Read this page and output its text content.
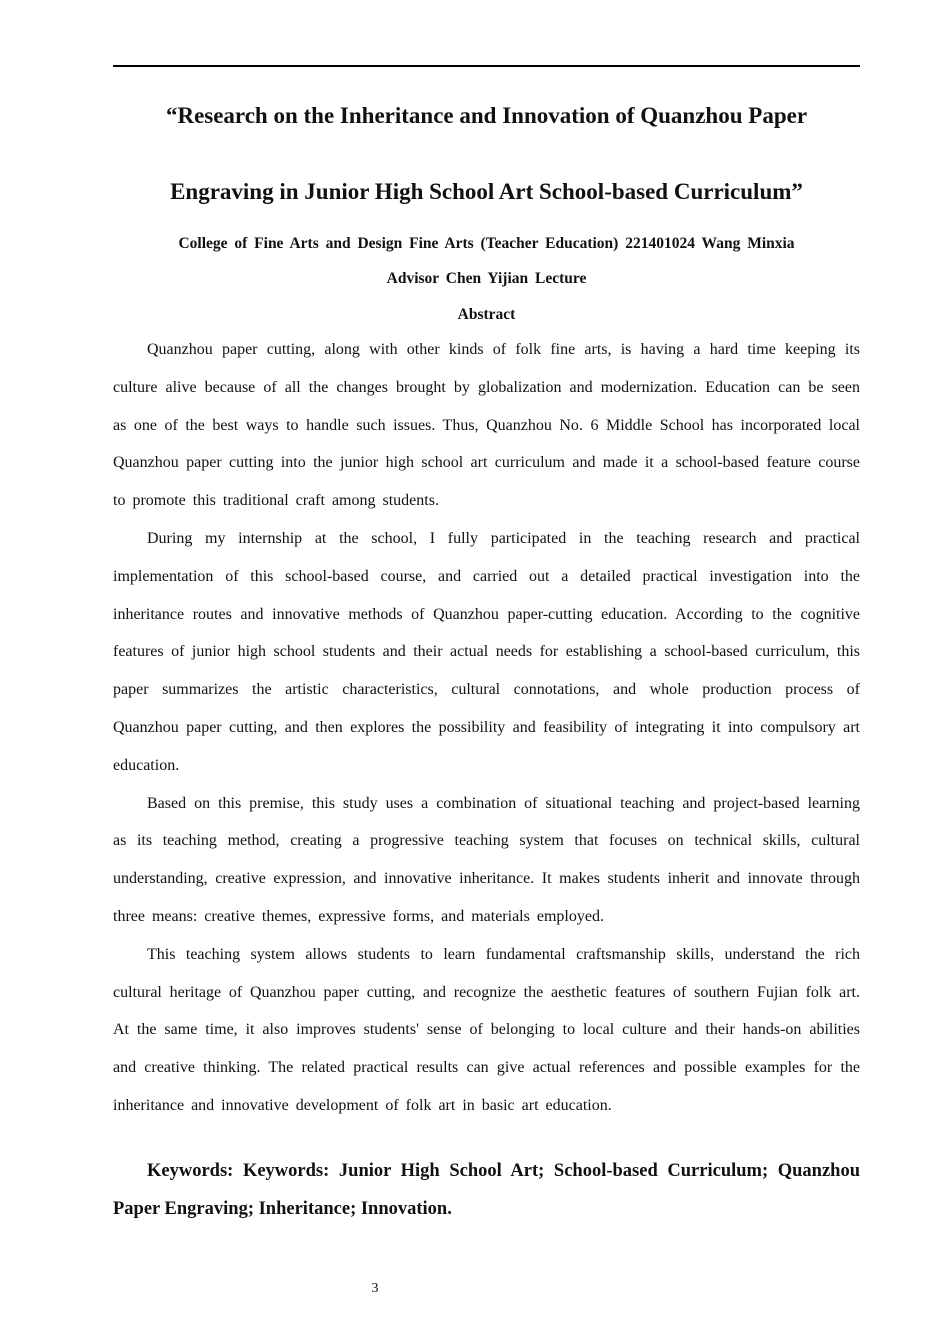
“Research on the Inheritance and Innovation of Quanzhou Paper
Engraving in Junior High School Art School-based Curriculum”
College of Fine Arts and Design Fine Arts (Teacher Education) 221401024 Wang Minxia
Advisor Chen Yijian Lecture
Abstract

Quanzhou paper cutting, along with other kinds of folk fine arts, is having a hard time keeping its culture alive because of all the changes brought by globalization and modernization. Education can be seen as one of the best ways to handle such issues. Thus, Quanzhou No. 6 Middle School has incorporated local Quanzhou paper cutting into the junior high school art curriculum and made it a school-based feature course to promote this traditional craft among students.

During my internship at the school, I fully participated in the teaching research and practical implementation of this school-based course, and carried out a detailed practical investigation into the inheritance routes and innovative methods of Quanzhou paper-cutting education. According to the cognitive features of junior high school students and their actual needs for establishing a school-based curriculum, this paper summarizes the artistic characteristics, cultural connotations, and whole production process of Quanzhou paper cutting, and then explores the possibility and feasibility of integrating it into compulsory art education.

Based on this premise, this study uses a combination of situational teaching and project-based learning as its teaching method, creating a progressive teaching system that focuses on technical skills, cultural understanding, creative expression, and innovative inheritance. It makes students inherit and innovate through three means: creative themes, expressive forms, and materials employed.

This teaching system allows students to learn fundamental craftsmanship skills, understand the rich cultural heritage of Quanzhou paper cutting, and recognize the aesthetic features of southern Fujian folk art. At the same time, it also improves students' sense of belonging to local culture and their hands-on abilities and creative thinking. The related practical results can give actual references and possible examples for the inheritance and innovative development of folk art in basic art education.

Keywords: Keywords: Junior High School Art; School-based Curriculum; Quanzhou Paper Engraving; Inheritance; Innovation.
3
